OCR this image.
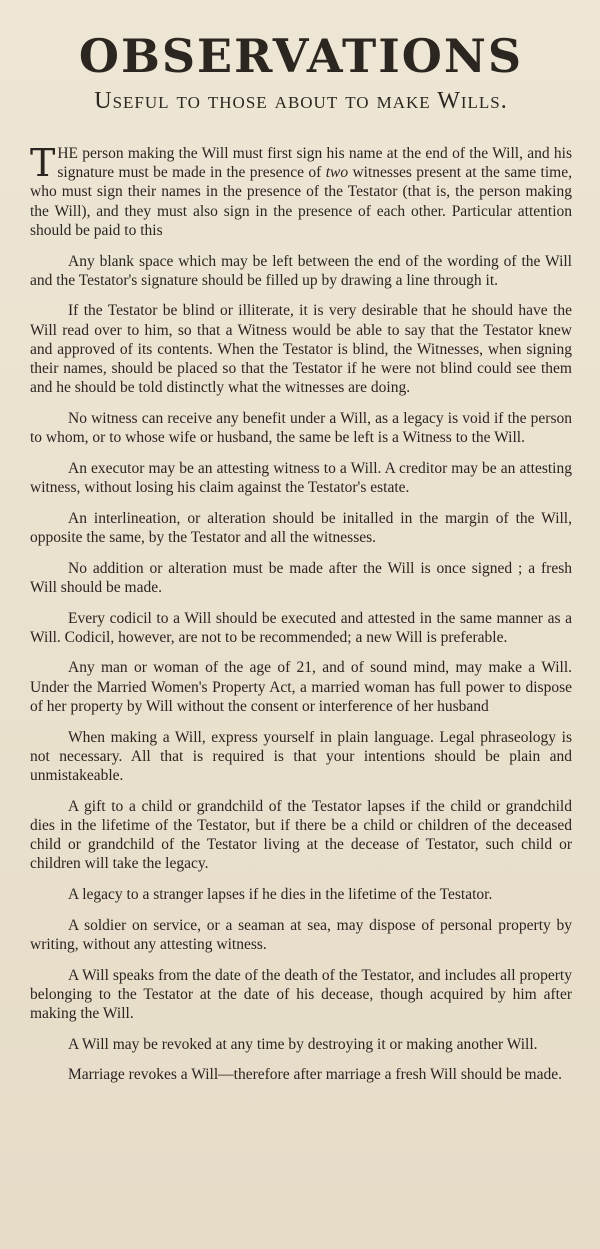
OBSERVATIONS
Useful to those about to make Wills.

THE person making the Will must first sign his name at the end of the Will, and his signature must be made in the presence of two witnesses present at the same time, who must sign their names in the presence of the Testator (that is, the person making the Will), and they must also sign in the presence of each other. Particular attention should be paid to this

Any blank space which may be left between the end of the wording of the Will and the Testator's signature should be filled up by drawing a line through it.

If the Testator be blind or illiterate, it is very desirable that he should have the Will read over to him, so that a Witness would be able to say that the Testator knew and approved of its contents. When the Testator is blind, the Witnesses, when signing their names, should be placed so that the Testator if he were not blind could see them and he should be told distinctly what the witnesses are doing.

No witness can receive any benefit under a Will, as a legacy is void if the person to whom, or to whose wife or husband, the same be left is a Witness to the Will.

An executor may be an attesting witness to a Will. A creditor may be an attesting witness, without losing his claim against the Testator's estate.

An interlineation, or alteration should be initalled in the margin of the Will, opposite the same, by the Testator and all the witnesses.

No addition or alteration must be made after the Will is once signed ; a fresh Will should be made.

Every codicil to a Will should be executed and attested in the same manner as a Will. Codicil, however, are not to be recommended; a new Will is preferable.

Any man or woman of the age of 21, and of sound mind, may make a Will. Under the Married Women's Property Act, a married woman has full power to dispose of her property by Will without the consent or interference of her husband

When making a Will, express yourself in plain language. Legal phraseology is not necessary. All that is required is that your intentions should be plain and unmistakeable.

A gift to a child or grandchild of the Testator lapses if the child or grandchild dies in the lifetime of the Testator, but if there be a child or children of the deceased child or grandchild of the Testator living at the decease of Testator, such child or children will take the legacy.

A legacy to a stranger lapses if he dies in the lifetime of the Testator.

A soldier on service, or a seaman at sea, may dispose of personal property by writing, without any attesting witness.

A Will speaks from the date of the death of the Testator, and includes all property belonging to the Testator at the date of his decease, though acquired by him after making the Will.

A Will may be revoked at any time by destroying it or making another Will.

Marriage revokes a Will—therefore after marriage a fresh Will should be made.
